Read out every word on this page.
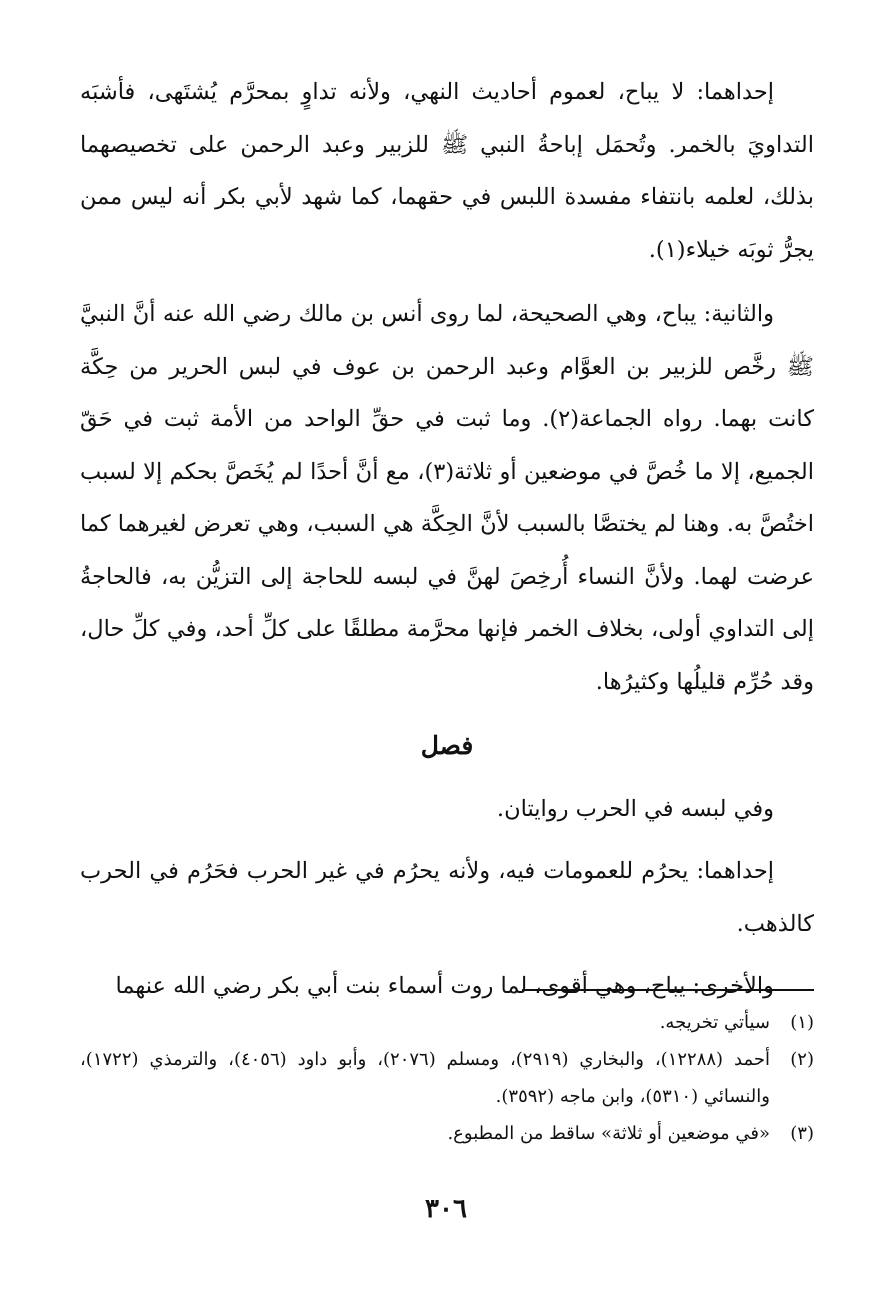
إحداهما: لا يباح، لعموم أحاديث النهي، ولأنه تداوٍ بمحرَّم يُشتَهى، فأشبَه التداويَ بالخمر. وتُحمَل إباحةُ النبي ﷺ للزبير وعبد الرحمن على تخصيصهما بذلك، لعلمه بانتفاء مفسدة اللبس في حقهما، كما شهد لأبي بكر أنه ليس ممن يجرُّ ثوبَه خيلاء(١).

والثانية: يباح، وهي الصحيحة، لما روى أنس بن مالك رضي الله عنه أنَّ النبيَّ ﷺ رخَّص للزبير بن العوَّام وعبد الرحمن بن عوف في لبس الحرير من حِكَّة كانت بهما. رواه الجماعة(٢). وما ثبت في حقِّ الواحد من الأمة ثبت في حَقّ الجميع، إلا ما خُصَّ في موضعين أو ثلاثة(٣)، مع أنَّ أحدًا لم يُخَصَّ بحكم إلا لسبب اختُصَّ به. وهنا لم يختصَّا بالسبب لأنَّ الحِكَّة هي السبب، وهي تعرض لغيرهما كما عرضت لهما. ولأنَّ النساء أُرخِصَ لهنَّ في لبسه للحاجة إلى التزيُّن به، فالحاجةُ إلى التداوي أولى، بخلاف الخمر فإنها محرَّمة مطلقًا على كلِّ أحد، وفي كلِّ حال، وقد حُرِّم قليلُها وكثيرُها.

فصل

وفي لبسه في الحرب روايتان.

إحداهما: يحرُم للعمومات فيه، ولأنه يحرُم في غير الحرب فحَرُم في الحرب كالذهب.

والأخرى: يباح، وهي أقوى، لما روت أسماء بنت أبي بكر رضي الله عنهما

(١)
سيأتي تخريجه.

(٢)
أحمد (١٢٢٨٨)، والبخاري (٢٩١٩)، ومسلم (٢٠٧٦)، وأبو داود (٤٠٥٦)، والترمذي (١٧٢٢)، والنسائي (٥٣١٠)، وابن ماجه (٣٥٩٢).

(٣)
«في موضعين أو ثلاثة» ساقط من المطبوع.

٣٠٦
